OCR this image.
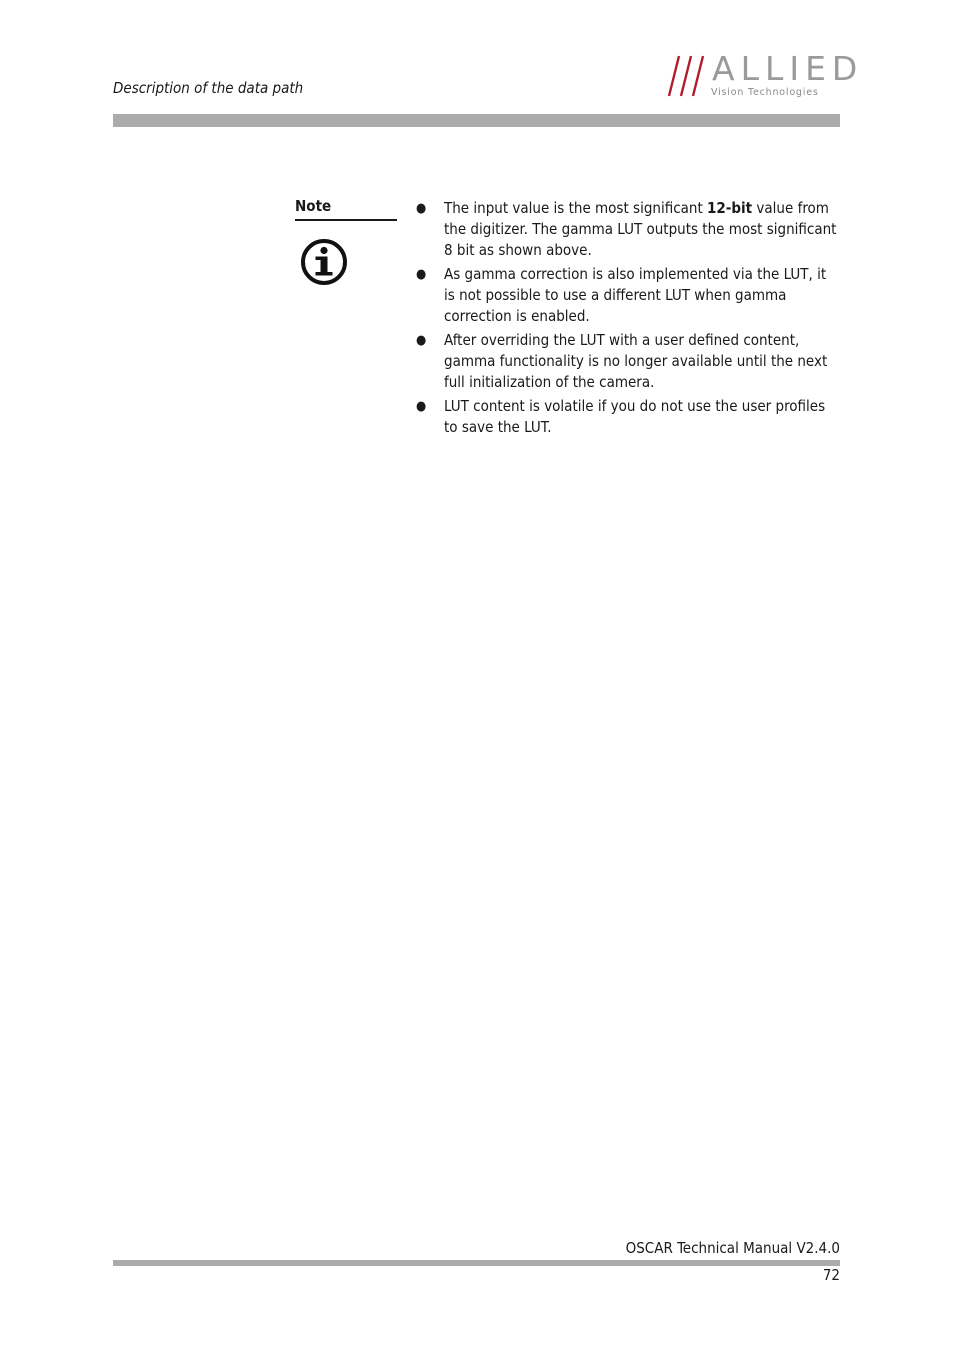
Description of the data path	ALLIED
Vision Technologies
Note	● The input value is the most significant 12-bit value from the digitizer. The gamma LUT outputs the most significant 8 bit as shown above.
● As gamma correction is also implemented via the LUT, it is not possible to use a different LUT when gamma correction is enabled.
● After overriding the LUT with a user defined content, gamma functionality is no longer available until the next full initialization of the camera.
● LUT content is volatile if you do not use the user profiles to save the LUT.
OSCAR Technical Manual V2.4.0
72
